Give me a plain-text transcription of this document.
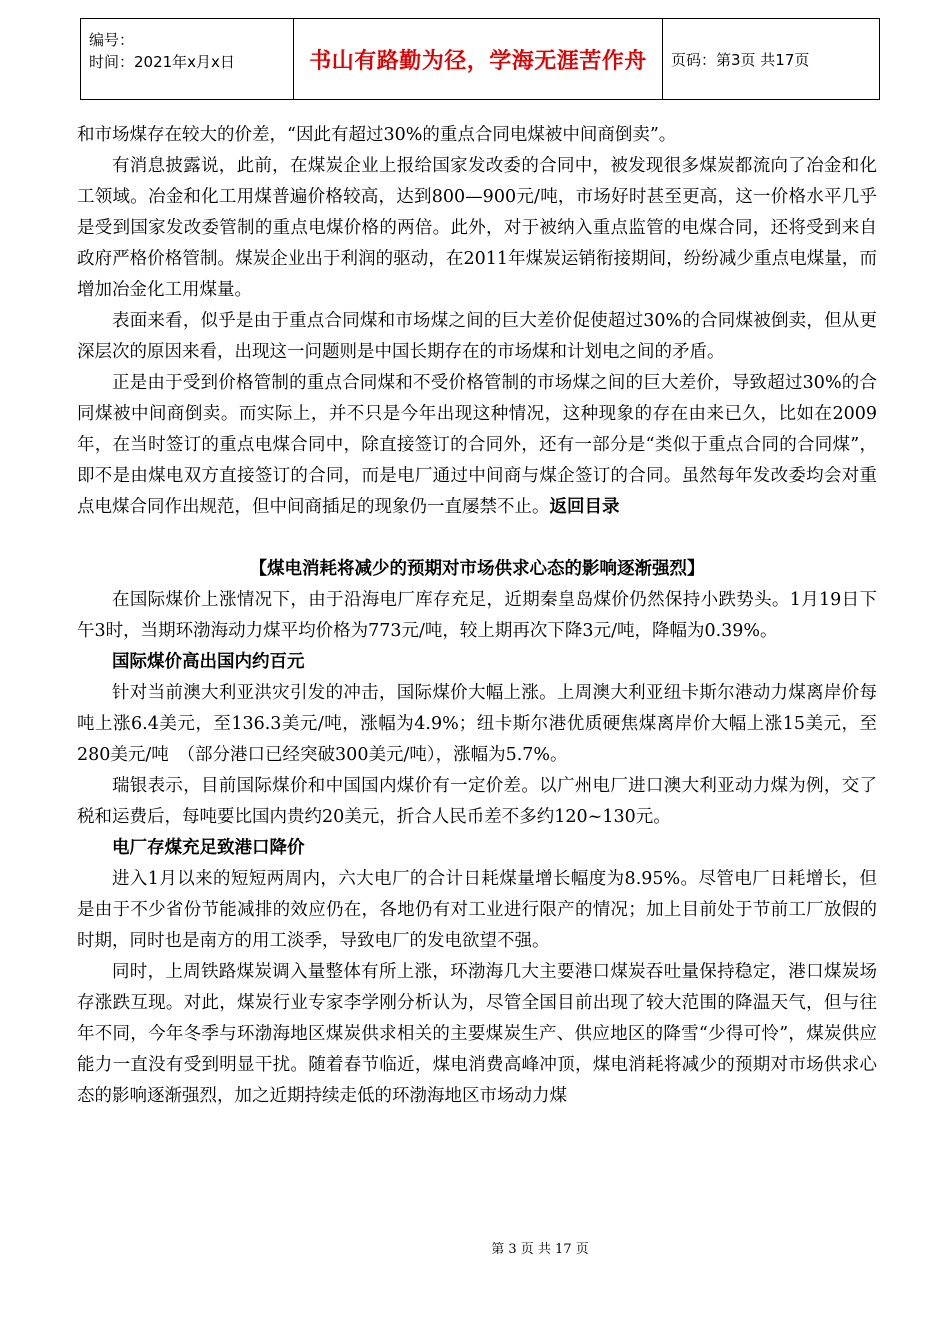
编号：
时间：2021年x月x日	书山有路勤为径，学海无涯苦作舟	页码：第3页 共17页

和市场煤存在较大的价差，“因此有超过30%的重点合同电煤被中间商倒卖”。

有消息披露说，此前，在煤炭企业上报给国家发改委的合同中，被发现很多煤炭都流向了冶金和化工领域。冶金和化工用煤普遍价格较高，达到800—900元/吨，市场好时甚至更高，这一价格水平几乎是受到国家发改委管制的重点电煤价格的两倍。此外，对于被纳入重点监管的电煤合同，还将受到来自政府严格价格管制。煤炭企业出于利润的驱动，在2011年煤炭运销衔接期间，纷纷减少重点电煤量，而增加冶金化工用煤量。

表面来看，似乎是由于重点合同煤和市场煤之间的巨大差价促使超过30%的合同煤被倒卖，但从更深层次的原因来看，出现这一问题则是中国长期存在的市场煤和计划电之间的矛盾。

正是由于受到价格管制的重点合同煤和不受价格管制的市场煤之间的巨大差价，导致超过30%的合同煤被中间商倒卖。而实际上，并不只是今年出现这种情况，这种现象的存在由来已久，比如在2009年，在当时签订的重点电煤合同中，除直接签订的合同外，还有一部分是“类似于重点合同的合同煤”，即不是由煤电双方直接签订的合同，而是电厂通过中间商与煤企签订的合同。虽然每年发改委均会对重点电煤合同作出规范，但中间商插足的现象仍一直屡禁不止。返回目录

【煤电消耗将减少的预期对市场供求心态的影响逐渐强烈】

在国际煤价上涨情况下，由于沿海电厂库存充足，近期秦皇岛煤价仍然保持小跌势头。1月19日下午3时，当期环渤海动力煤平均价格为773元/吨，较上期再次下降3元/吨，降幅为0.39%。

国际煤价高出国内约百元

针对当前澳大利亚洪灾引发的冲击，国际煤价大幅上涨。上周澳大利亚纽卡斯尔港动力煤离岸价每吨上涨6.4美元，至136.3美元/吨，涨幅为4.9%；纽卡斯尔港优质硬焦煤离岸价大幅上涨15美元，至280美元/吨　（部分港口已经突破300美元/吨），涨幅为5.7%。

瑞银表示，目前国际煤价和中国国内煤价有一定价差。以广州电厂进口澳大利亚动力煤为例，交了税和运费后，每吨要比国内贵约20美元，折合人民币差不多约120~130元。

电厂存煤充足致港口降价

进入1月以来的短短两周内，六大电厂的合计日耗煤量增长幅度为8.95%。尽管电厂日耗增长，但是由于不少省份节能减排的效应仍在，各地仍有对工业进行限产的情况；加上目前处于节前工厂放假的时期，同时也是南方的用工淡季，导致电厂的发电欲望不强。

同时，上周铁路煤炭调入量整体有所上涨，环渤海几大主要港口煤炭吞吐量保持稳定，港口煤炭场存涨跌互现。对此，煤炭行业专家李学刚分析认为，尽管全国目前出现了较大范围的降温天气，但与往年不同，今年冬季与环渤海地区煤炭供求相关的主要煤炭生产、供应地区的降雪“少得可怜”，煤炭供应能力一直没有受到明显干扰。随着春节临近，煤电消费高峰冲顶，煤电消耗将减少的预期对市场供求心态的影响逐渐强烈，加之近期持续走低的环渤海地区市场动力煤

第 3 页 共 17 页
